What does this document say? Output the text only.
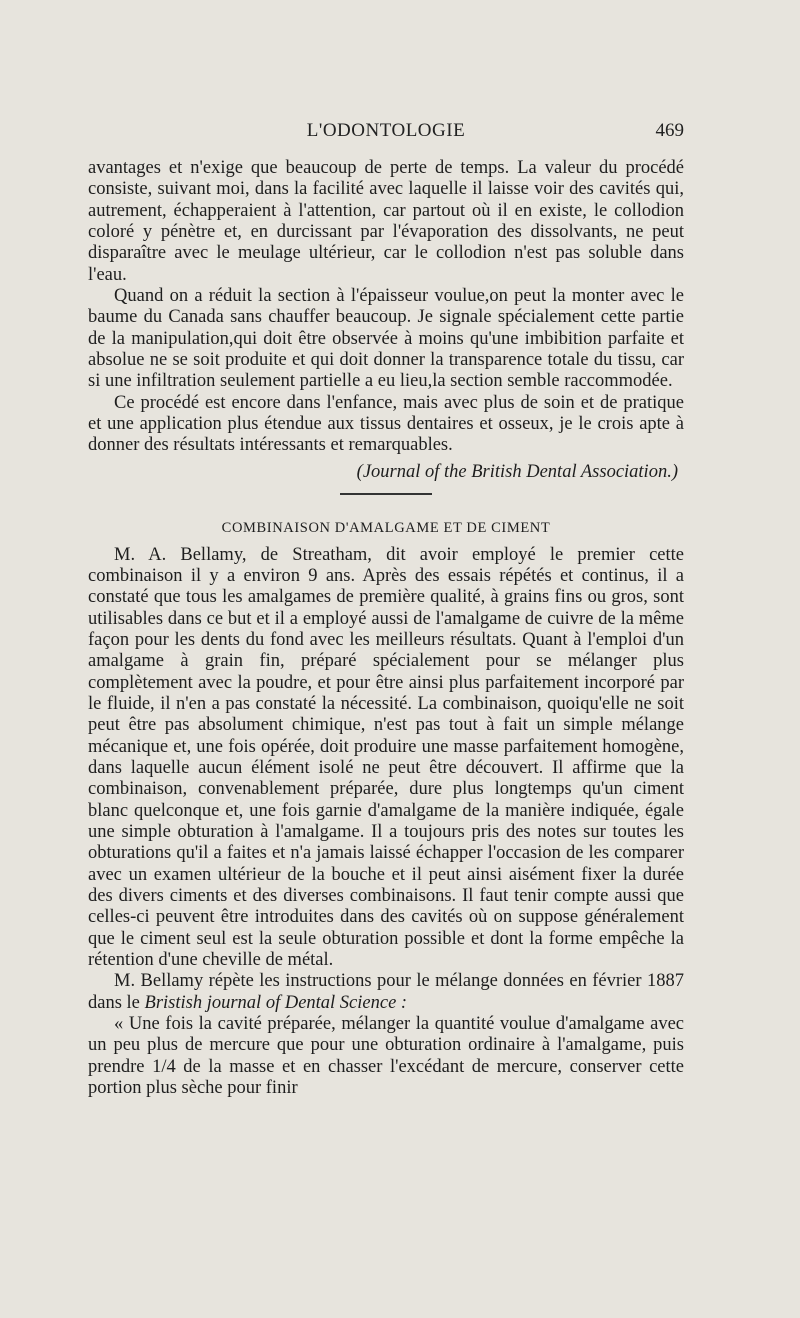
L'ODONTOLOGIE	469

avantages et n'exige que beaucoup de perte de temps. La valeur du procédé consiste, suivant moi, dans la facilité avec laquelle il laisse voir des cavités qui, autrement, échapperaient à l'attention, car partout où il en existe, le collodion coloré y pénètre et, en durcissant par l'évaporation des dissolvants, ne peut disparaître avec le meulage ultérieur, car le collodion n'est pas soluble dans l'eau.

Quand on a réduit la section à l'épaisseur voulue,on peut la monter avec le baume du Canada sans chauffer beaucoup. Je signale spécialement cette partie de la manipulation,qui doit être observée à moins qu'une imbibition parfaite et absolue ne se soit produite et qui doit donner la transparence totale du tissu, car si une infiltration seulement partielle a eu lieu,la section semble raccommodée.

Ce procédé est encore dans l'enfance, mais avec plus de soin et de pratique et une application plus étendue aux tissus dentaires et osseux, je le crois apte à donner des résultats intéressants et remarquables.

(Journal of the British Dental Association.)

COMBINAISON D'AMALGAME ET DE CIMENT

M. A. Bellamy, de Streatham, dit avoir employé le premier cette combinaison il y a environ 9 ans. Après des essais répétés et continus, il a constaté que tous les amalgames de première qualité, à grains fins ou gros, sont utilisables dans ce but et il a employé aussi de l'amalgame de cuivre de la même façon pour les dents du fond avec les meilleurs résultats. Quant à l'emploi d'un amalgame à grain fin, préparé spécialement pour se mélanger plus complètement avec la poudre, et pour être ainsi plus parfaitement incorporé par le fluide, il n'en a pas constaté la nécessité. La combinaison, quoiqu'elle ne soit peut être pas absolument chimique, n'est pas tout à fait un simple mélange mécanique et, une fois opérée, doit produire une masse parfaitement homogène, dans laquelle aucun élément isolé ne peut être découvert. Il affirme que la combinaison, convenablement préparée, dure plus longtemps qu'un ciment blanc quelconque et, une fois garnie d'amalgame de la manière indiquée, égale une simple obturation à l'amalgame. Il a toujours pris des notes sur toutes les obturations qu'il a faites et n'a jamais laissé échapper l'occasion de les comparer avec un examen ultérieur de la bouche et il peut ainsi aisément fixer la durée des divers ciments et des diverses combinaisons. Il faut tenir compte aussi que celles-ci peuvent être introduites dans des cavités où on suppose généralement que le ciment seul est la seule obturation possible et dont la forme empêche la rétention d'une cheville de métal.

M. Bellamy répète les instructions pour le mélange données en février 1887 dans le Bristish journal of Dental Science :

« Une fois la cavité préparée, mélanger la quantité voulue d'amalgame avec un peu plus de mercure que pour une obturation ordinaire à l'amalgame, puis prendre 1/4 de la masse et en chasser l'excédant de mercure, conserver cette portion plus sèche pour finir
